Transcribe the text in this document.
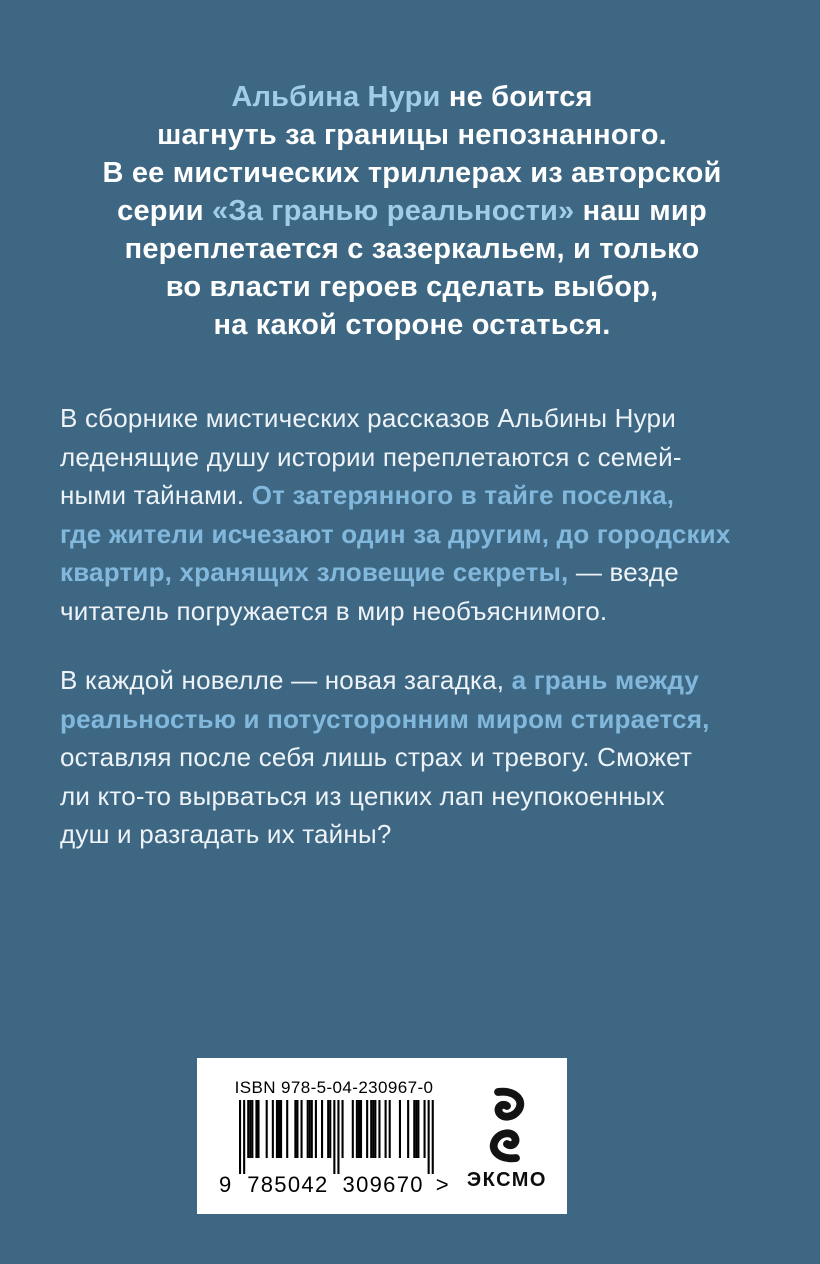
Альбина Нури не боится
шагнуть за границы непознанного.
В ее мистических триллерах из авторской
серии «За гранью реальности» наш мир
переплетается с зазеркальем, и только
во власти героев сделать выбор,
на какой стороне остаться.
В сборнике мистических рассказов Альбины Нури
леденящие душу истории переплетаются с семей-
ными тайнами. От затерянного в тайге поселка,
где жители исчезают один за другим, до городских
квартир, хранящих зловещие секреты, — везде
читатель погружается в мир необъяснимого.
В каждой новелле — новая загадка, а грань между
реальностью и потусторонним миром стирается,
оставляя после себя лишь страх и тревогу. Сможет
ли кто-то вырваться из цепких лап неупокоенных
душ и разгадать их тайны?
ISBN 978-5-04-230967-0
9 785042 309670 > ЭКСМО
